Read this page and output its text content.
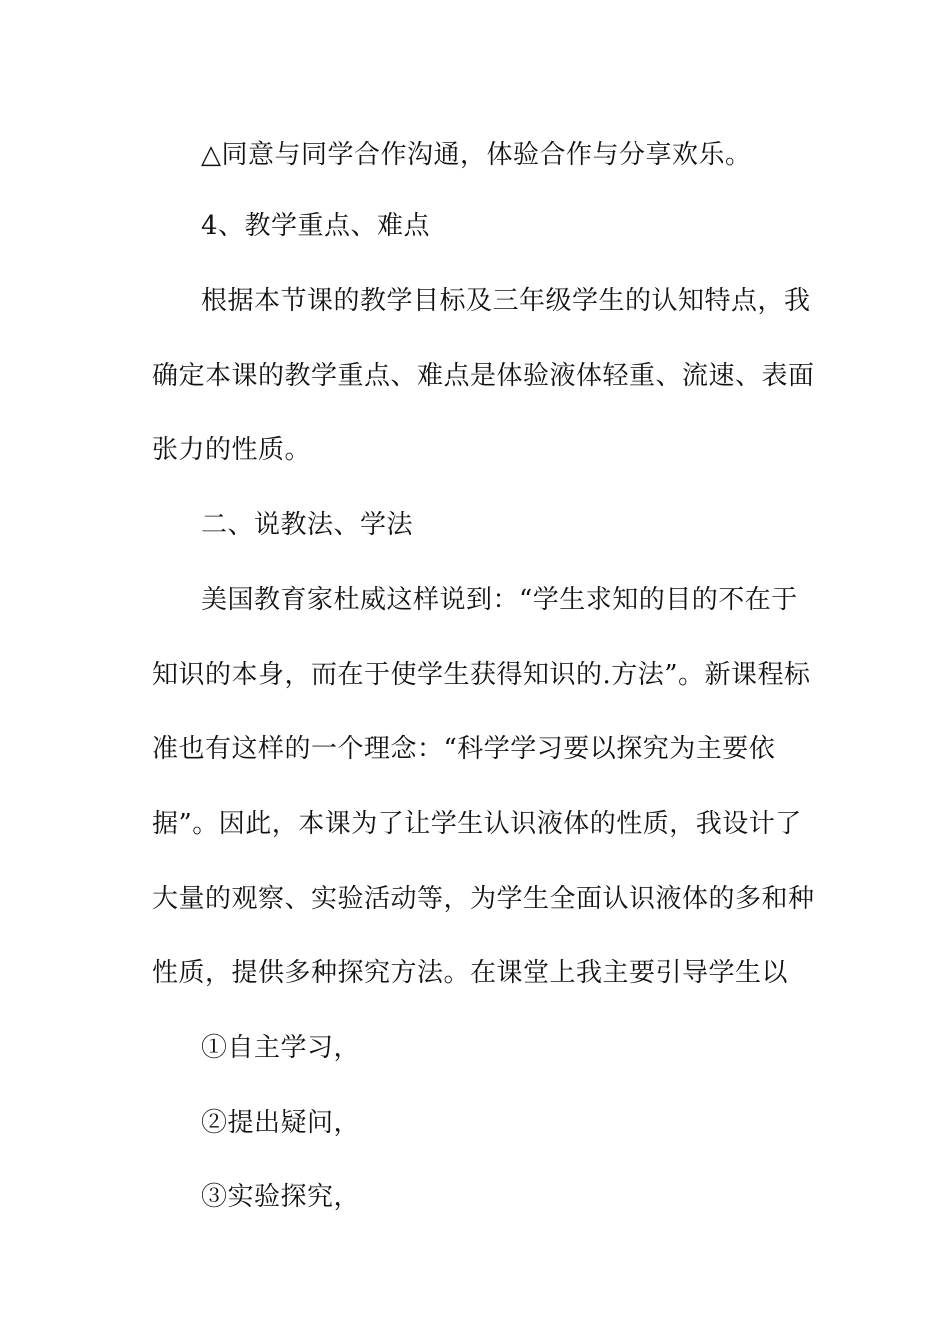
△同意与同学合作沟通，体验合作与分享欢乐。
4、教学重点、难点
根据本节课的教学目标及三年级学生的认知特点，我
确定本课的教学重点、难点是体验液体轻重、流速、表面
张力的性质。
二、说教法、学法
美国教育家杜威这样说到：“学生求知的目的不在于
知识的本身，而在于使学生获得知识的.方法”。新课程标
准也有这样的一个理念：“科学学习要以探究为主要依
据”。因此，本课为了让学生认识液体的性质，我设计了
大量的观察、实验活动等，为学生全面认识液体的多和种
性质，提供多种探究方法。在课堂上我主要引导学生以
①自主学习，
②提出疑问，
③实验探究，
